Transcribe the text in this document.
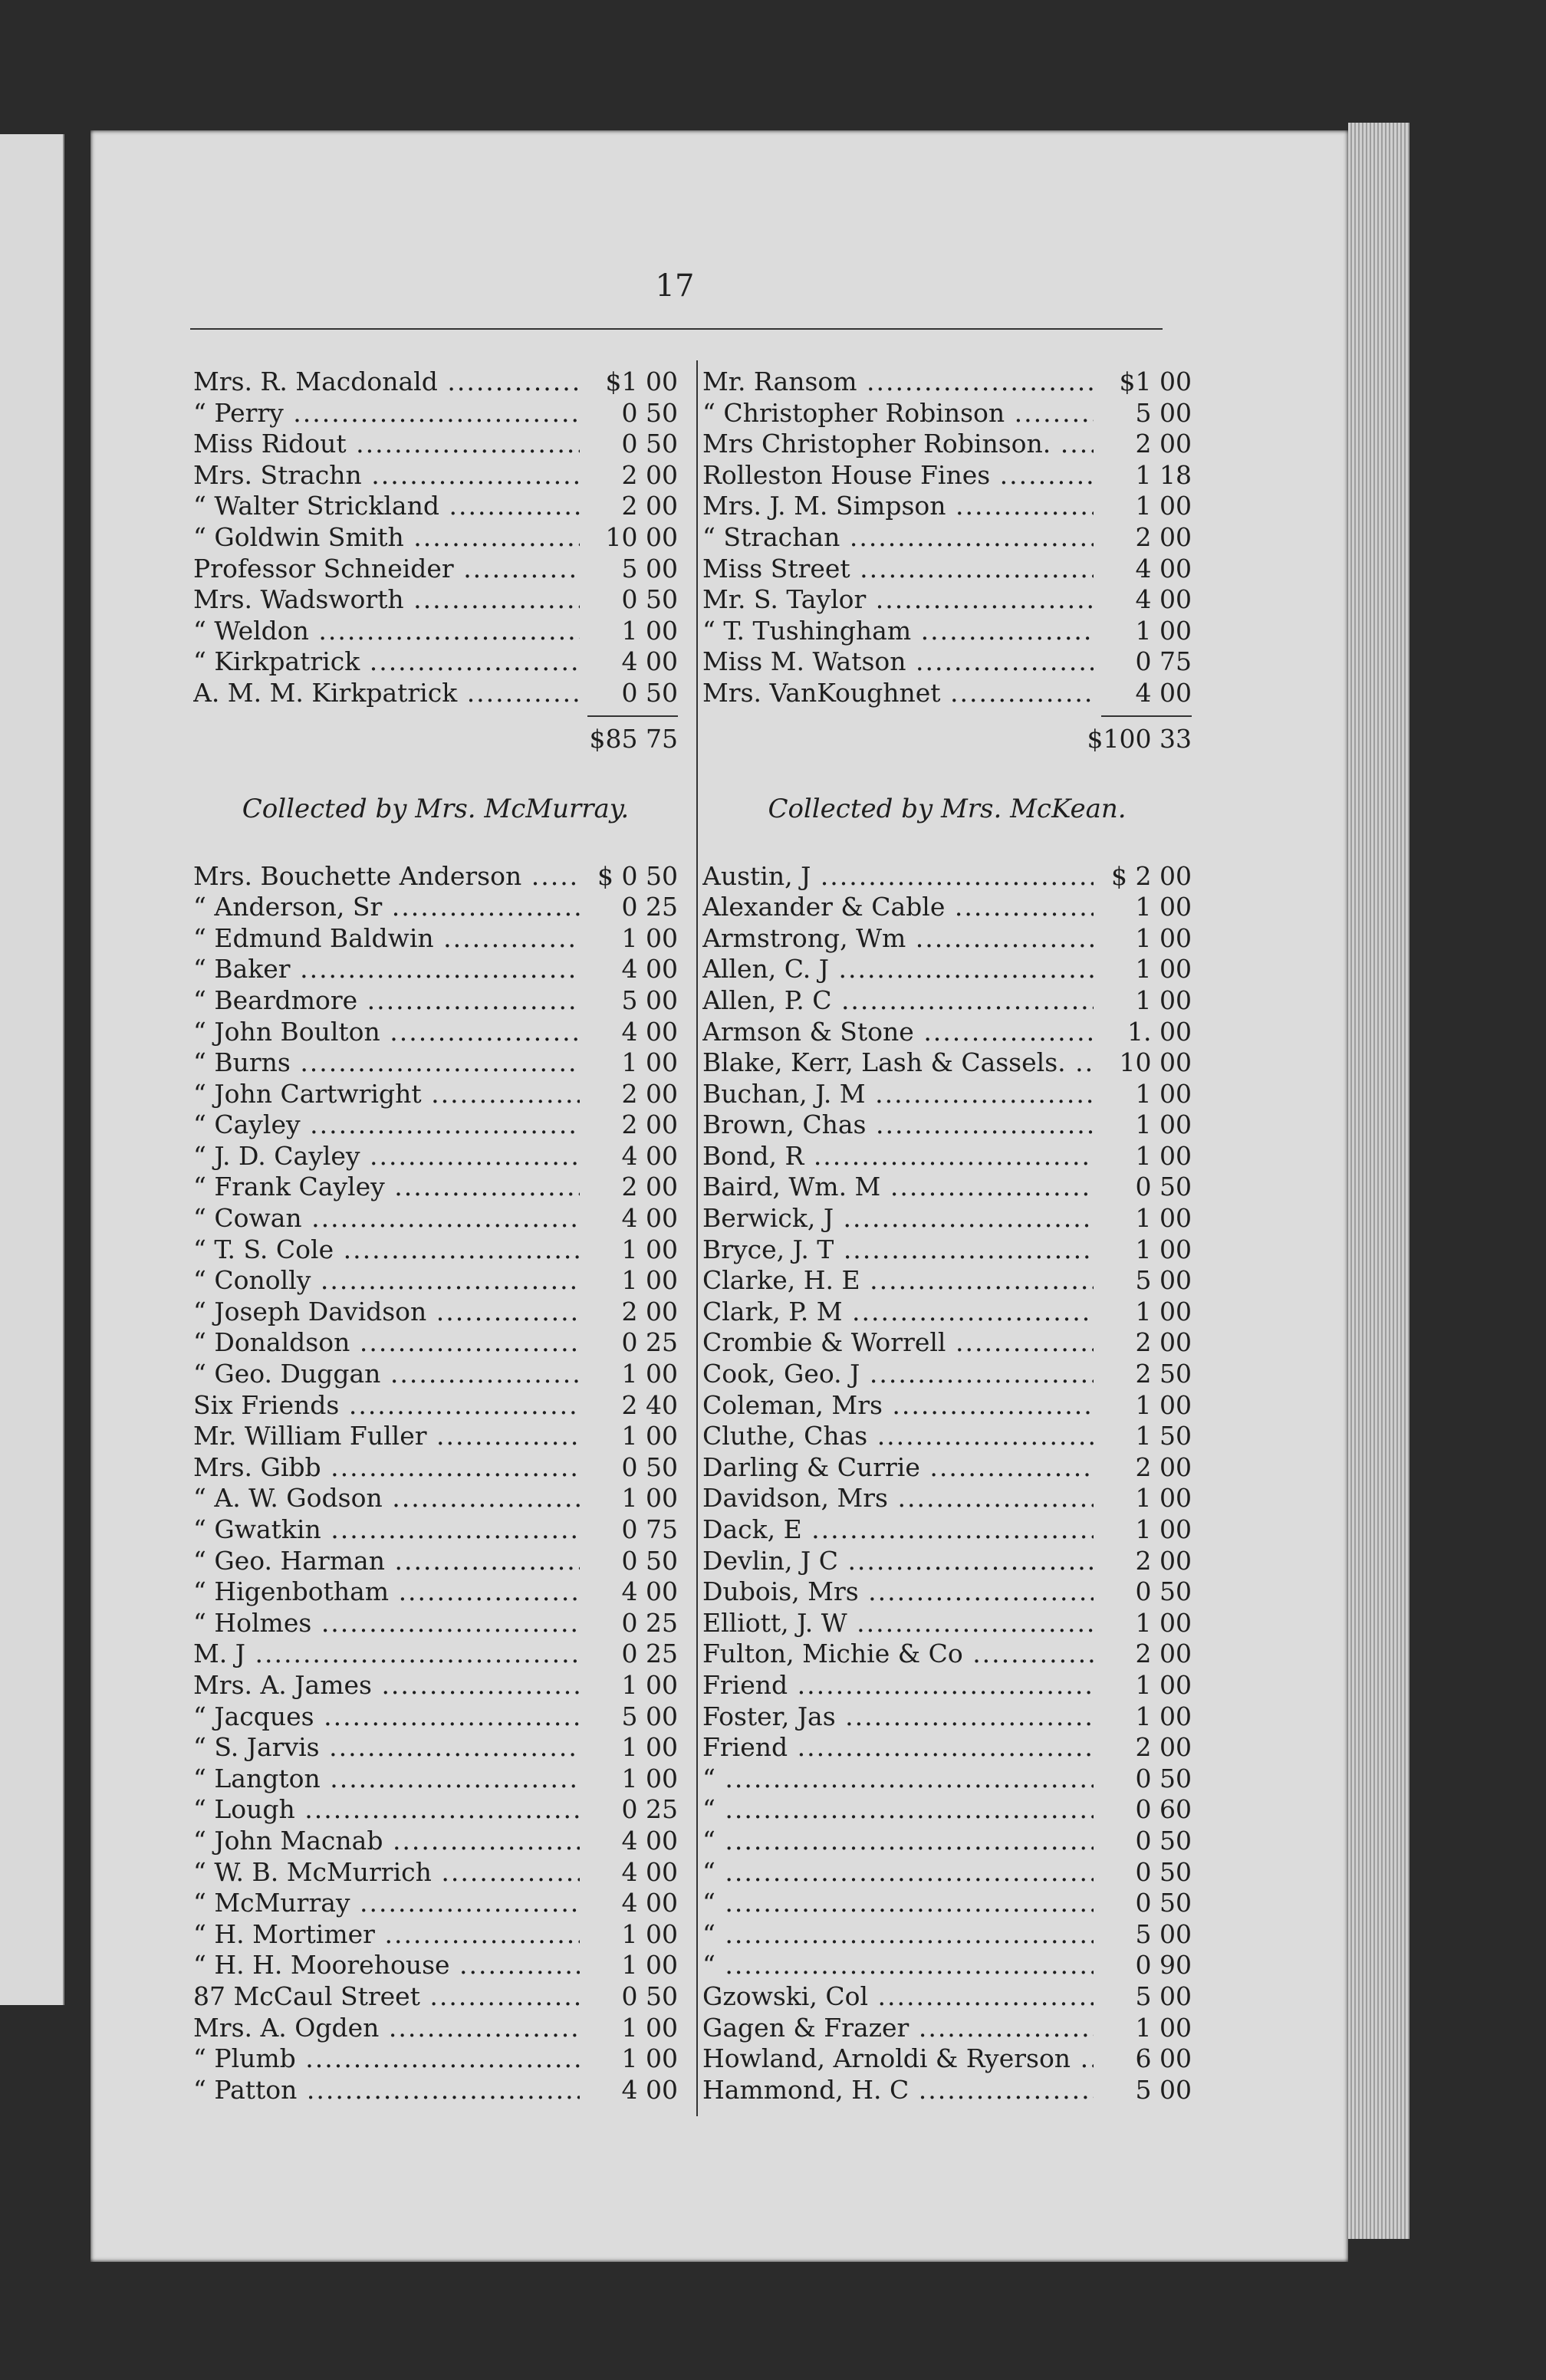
17
Mrs. R. Macdonald .....	$1 00
“ Perry .....	0 50
Miss Ridout .....	0 50
Mrs. Strachn .....	2 00
“ Walter Strickland .....	2 00
“ Goldwin Smith .....	10 00
Professor Schneider .....	5 00
Mrs. Wadsworth .....	0 50
“ Weldon .....	1 00
“ Kirkpatrick .....	4 00
A. M. M. Kirkpatrick .....	0 50
$85 75
Collected by Mrs. McMurray.
Mrs. Bouchette Anderson .....	$ 0 50
“ Anderson, Sr .....	0 25
“ Edmund Baldwin .....	1 00
“ Baker .....	4 00
“ Beardmore .....	5 00
“ John Boulton .....	4 00
“ Burns .....	1 00
“ John Cartwright .....	2 00
“ Cayley .....	2 00
“ J. D. Cayley .....	4 00
“ Frank Cayley .....	2 00
“ Cowan .....	4 00
“ T. S. Cole .....	1 00
“ Conolly .....	1 00
“ Joseph Davidson .....	2 00
“ Donaldson .....	0 25
“ Geo. Duggan .....	1 00
Six Friends .....	2 40
Mr. William Fuller .....	1 00
Mrs. Gibb .....	0 50
“ A. W. Godson .....	1 00
“ Gwatkin .....	0 75
“ Geo. Harman .....	0 50
“ Higenbotham .....	4 00
“ Holmes .....	0 25
M. J .....	0 25
Mrs. A. James .....	1 00
“ Jacques .....	5 00
“ S. Jarvis .....	1 00
“ Langton .....	1 00
“ Lough .....	0 25
“ John Macnab .....	4 00
“ W. B. McMurrich .....	4 00
“ McMurray .....	4 00
“ H. Mortimer .....	1 00
“ H. H. Moorehouse .....	1 00
87 McCaul Street .....	0 50
Mrs. A. Ogden .....	1 00
“ Plumb .....	1 00
“ Patton .....	4 00
Mr. Ransom .....	$1 00
“ Christopher Robinson .....	5 00
Mrs Christopher Robinson. .....	2 00
Rolleston House Fines .....	1 18
Mrs. J. M. Simpson .....	1 00
“ Strachan .....	2 00
Miss Street .....	4 00
Mr. S. Taylor .....	4 00
“ T. Tushingham .....	1 00
Miss M. Watson .....	0 75
Mrs. VanKoughnet .....	4 00
$100 33
Collected by Mrs. McKean.
Austin, J .....	$ 2 00
Alexander & Cable .....	1 00
Armstrong, Wm .....	1 00
Allen, C. J .....	1 00
Allen, P. C .....	1 00
Armson & Stone .....	1. 00
Blake, Kerr, Lash & Cassels. .....	10 00
Buchan, J. M .....	1 00
Brown, Chas .....	1 00
Bond, R .....	1 00
Baird, Wm. M .....	0 50
Berwick, J .....	1 00
Bryce, J. T .....	1 00
Clarke, H. E .....	5 00
Clark, P. M .....	1 00
Crombie & Worrell .....	2 00
Cook, Geo. J .....	2 50
Coleman, Mrs .....	1 00
Cluthe, Chas .....	1 50
Darling & Currie .....	2 00
Davidson, Mrs .....	1 00
Dack, E .....	1 00
Devlin, J C .....	2 00
Dubois, Mrs .....	0 50
Elliott, J. W .....	1 00
Fulton, Michie & Co .....	2 00
Friend .....	1 00
Foster, Jas .....	1 00
Friend .....	2 00
“ .....	0 50
“ .....	0 60
“ .....	0 50
“ .....	0 50
“ .....	0 50
“ .....	5 00
“ .....	0 90
Gzowski, Col .....	5 00
Gagen & Frazer .....	1 00
Howland, Arnoldi & Ryerson .....	6 00
Hammond, H. C .....	5 00
